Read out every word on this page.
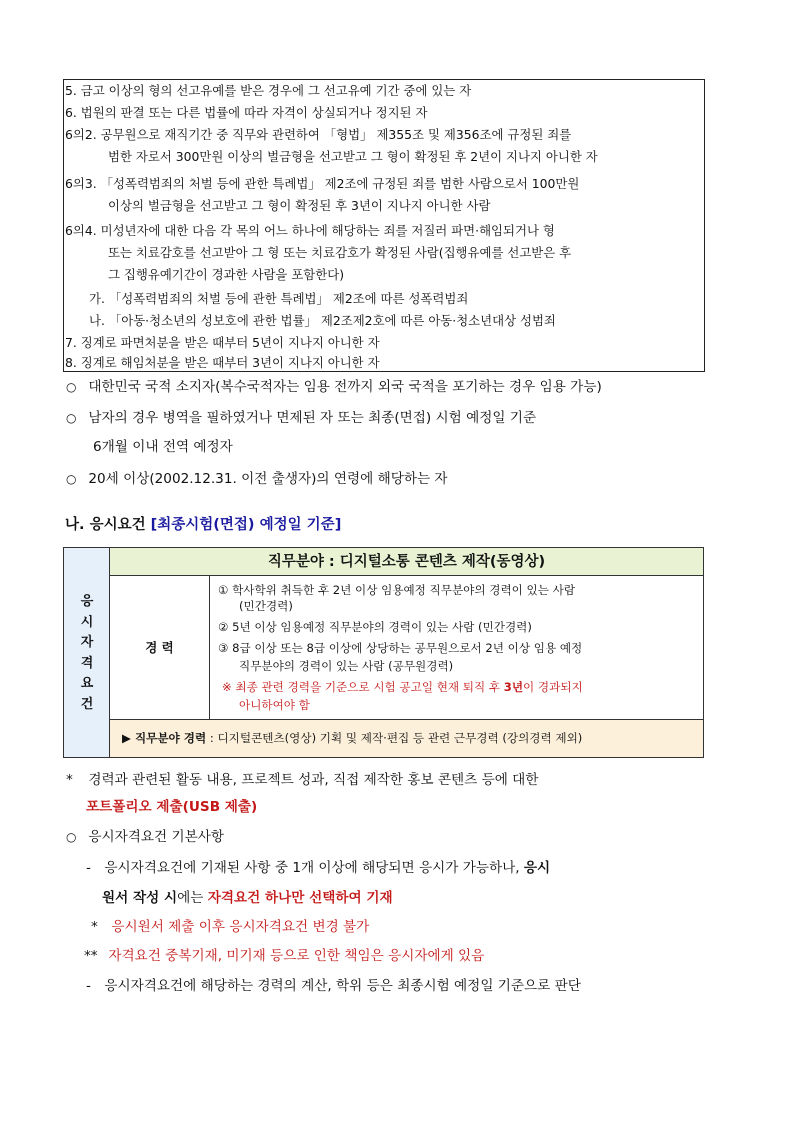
5. 금고 이상의 형의 선고유예를 받은 경우에 그 선고유예 기간 중에 있는 자
6. 법원의 판결 또는 다른 법률에 따라 자격이 상실되거나 정지된 자
6의2. 공무원으로 재직기간 중 직무와 관련하여 「형법」 제355조 및 제356조에 규정된 죄를
범한 자로서 300만원 이상의 벌금형을 선고받고 그 형이 확정된 후 2년이 지나지 아니한 자
6의3. 「성폭력범죄의 처벌 등에 관한 특례법」 제2조에 규정된 죄를 범한 사람으로서 100만원
이상의 벌금형을 선고받고 그 형이 확정된 후 3년이 지나지 아니한 사람
6의4. 미성년자에 대한 다음 각 목의 어느 하나에 해당하는 죄를 저질러 파면·해임되거나 형
또는 치료감호를 선고받아 그 형 또는 치료감호가 확정된 사람(집행유예를 선고받은 후
그 집행유예기간이 경과한 사람을 포함한다)
가. 「성폭력범죄의 처벌 등에 관한 특례법」 제2조에 따른 성폭력범죄
나. 「아동·청소년의 성보호에 관한 법률」 제2조제2호에 따른 아동·청소년대상 성범죄
7. 징계로 파면처분을 받은 때부터 5년이 지나지 아니한 자
8. 징계로 해임처분을 받은 때부터 3년이 지나지 아니한 자
○ 대한민국 국적 소지자(복수국적자는 임용 전까지 외국 국적을 포기하는 경우 임용 가능)
○ 남자의 경우 병역을 필하였거나 면제된 자 또는 최종(면접) 시험 예정일 기준
6개월 이내 전역 예정자
○ 20세 이상(2002.12.31. 이전 출생자)의 연령에 해당하는 자
나. 응시요건 [최종시험(면접) 예정일 기준]
응
시
자
격
요
건
직무분야 : 디지털소통 콘텐츠 제작(동영상)
경 력
① 학사학위 취득한 후 2년 이상 임용예정 직무분야의 경력이 있는 사람
(민간경력)
② 5년 이상 임용예정 직무분야의 경력이 있는 사람 (민간경력)
③ 8급 이상 또는 8급 이상에 상당하는 공무원으로서 2년 이상 임용 예정
직무분야의 경력이 있는 사람 (공무원경력)
※ 최종 관련 경력을 기준으로 시험 공고일 현재 퇴직 후 3년이 경과되지
아니하여야 함
▶ 직무분야 경력 : 디지털콘텐츠(영상) 기획 및 제작·편집 등 관련 근무경력 (강의경력 제외)
* 경력과 관련된 활동 내용, 프로젝트 성과, 직접 제작한 홍보 콘텐츠 등에 대한
포트폴리오 제출(USB 제출)
○ 응시자격요건 기본사항
- 응시자격요건에 기재된 사항 중 1개 이상에 해당되면 응시가 가능하나, 응시
원서 작성 시에는 자격요건 하나만 선택하여 기재
* 응시원서 제출 이후 응시자격요건 변경 불가
** 자격요건 중복기재, 미기재 등으로 인한 책임은 응시자에게 있음
- 응시자격요건에 해당하는 경력의 계산, 학위 등은 최종시험 예정일 기준으로 판단
